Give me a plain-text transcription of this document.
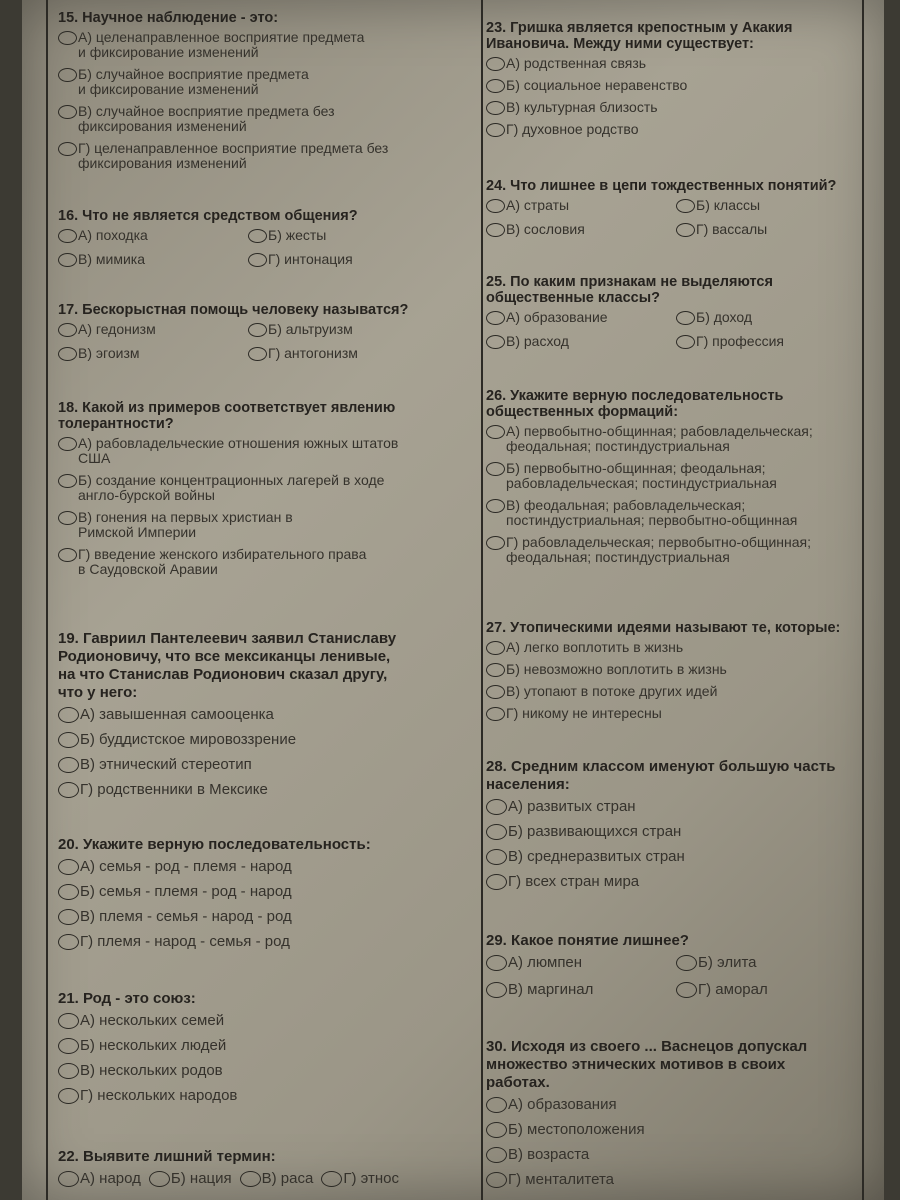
15. Научное наблюдение - это:
А) целенаправленное восприятие предмета
и фиксирование изменений
Б) случайное восприятие предмета
и фиксирование изменений
В) случайное восприятие предмета без
фиксирования изменений
Г) целенаправленное восприятие предмета без
фиксирования изменений
16. Что не является средством общения?
А) походка	Б) жесты
В) мимика	Г) интонация
17. Бескорыстная помощь человеку называтся?
А) гедонизм	Б) альтруизм
В) эгоизм	Г) антогонизм
18. Какой из примеров соответствует явлению
толерантности?
А) рабовладельческие отношения южных штатов
США
Б) создание концентрационных лагерей в ходе
англо-бурской войны
В) гонения на первых христиан в
Римской Империи
Г) введение женского избирательного права
в Саудовской Аравии
19. Гавриил Пантелеевич заявил Станиславу
Родионовичу, что все мексиканцы ленивые,
на что Станислав Родионович сказал другу,
что у него:
А) завышенная самооценка
Б) буддистское мировоззрение
В) этнический стереотип
Г) родственники в Мексике
20. Укажите верную последовательность:
А) семья - род - племя - народ
Б) семья - племя - род - народ
В) племя - семья - народ - род
Г) племя - народ - семья - род
21. Род - это союз:
А) нескольких семей
Б) нескольких людей
В) нескольких родов
Г) нескольких народов
22. Выявите лишний термин:
А) народ Б) нация В) раса Г) этнос
23. Гришка является крепостным у Акакия
Ивановича. Между ними существует:
А) родственная связь
Б) социальное неравенство
В) культурная близость
Г) духовное родство
24. Что лишнее в цепи тождественных понятий?
А) страты	Б) классы
В) сословия	Г) вассалы
25. По каким признакам не выделяются
общественные классы?
А) образование	Б) доход
В) расход	Г) профессия
26. Укажите верную последовательность
общественных формаций:
А) первобытно-общинная; рабовладельческая;
феодальная; постиндустриальная
Б) первобытно-общинная; феодальная;
рабовладельческая; постиндустриальная
В) феодальная; рабовладельческая;
постиндустриальная; первобытно-общинная
Г) рабовладельческая; первобытно-общинная;
феодальная; постиндустриальная
27. Утопическими идеями называют те, которые:
А) легко воплотить в жизнь
Б) невозможно воплотить в жизнь
В) утопают в потоке других идей
Г) никому не интересны
28. Средним классом именуют большую часть
населения:
А) развитых стран
Б) развивающихся стран
В) среднеразвитых стран
Г) всех стран мира
29. Какое понятие лишнее?
А) люмпен	Б) элита
В) маргинал	Г) аморал
30. Исходя из своего ... Васнецов допускал
множество этнических мотивов в своих
работах.
А) образования
Б) местоположения
В) возраста
Г) менталитета
